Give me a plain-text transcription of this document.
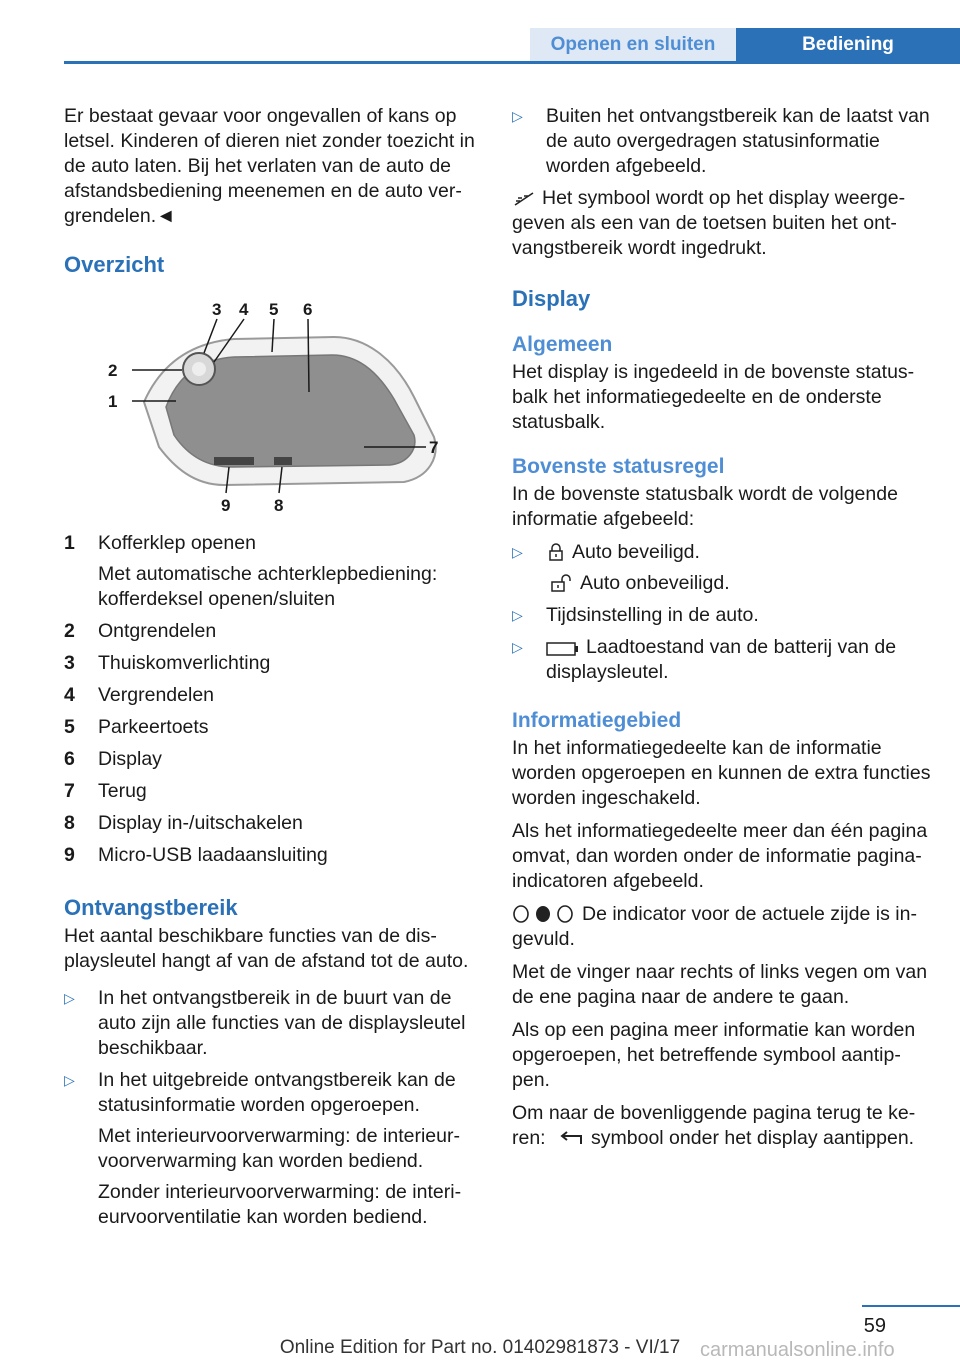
Openen en sluiten	Bediening

Er bestaat gevaar voor ongevallen of kans op letsel. Kinderen of dieren niet zonder toezicht in de auto laten. Bij het verlaten van de auto de afstandsbediening meenemen en de auto vergrendelen.◄

Overzicht
1
2
3 4 5 6
7
8
9
1	Kofferklep openen
Met automatische achterklepbediening: kofferdeksel openen/sluiten
2	Ontgrendelen
3	Thuiskomverlichting
4	Vergrendelen
5	Parkeertoets
6	Display
7	Terug
8	Display in-/uitschakelen
9	Micro-USB laadaansluiting
Ontvangstbereik

Het aantal beschikbare functies van de displaysleutel hangt af van de afstand tot de auto.

▷	In het ontvangstbereik in de buurt van de auto zijn alle functies van de displaysleutel beschikbaar.
▷	In het uitgebreide ontvangstbereik kan de statusinformatie worden opgeroepen.
Met interieurvoorverwarming: de interieurvoorverwarming kan worden bediend.
Zonder interieurvoorverwarming: de interieurvoorventilatie kan worden bediend.
▷	Buiten het ontvangstbereik kan de laatst van de auto overgedragen statusinformatie worden afgebeeld.

Het symbool wordt op het display weergegeven als een van de toetsen buiten het ontvangstbereik wordt ingedrukt.

Display
Algemeen

Het display is ingedeeld in de bovenste statusbalk het informatiegedeelte en de onderste statusbalk.

Bovenste statusregel

In de bovenste statusbalk wordt de volgende informatie afgebeeld:

▷	Auto beveiligd.
Auto onbeveiligd.
▷	Tijdsinstelling in de auto.
▷	Laadtoestand van de batterij van de displaysleutel.
Informatiegebied

In het informatiegedeelte kan de informatie worden opgeroepen en kunnen de extra functies worden ingeschakeld.

Als het informatiegedeelte meer dan één pagina omvat, dan worden onder de informatie pagina-indicatoren afgebeeld.

De indicator voor de actuele zijde is ingevuld.

Met de vinger naar rechts of links vegen om van de ene pagina naar de andere te gaan.

Als op een pagina meer informatie kan worden opgeroepen, het betreffende symbool aantippen.

Om naar de bovenliggende pagina terug te keren: symbool onder het display aantippen.

59
carmanualsonline.info
Online Edition for Part no. 01402981873 - VI/17
